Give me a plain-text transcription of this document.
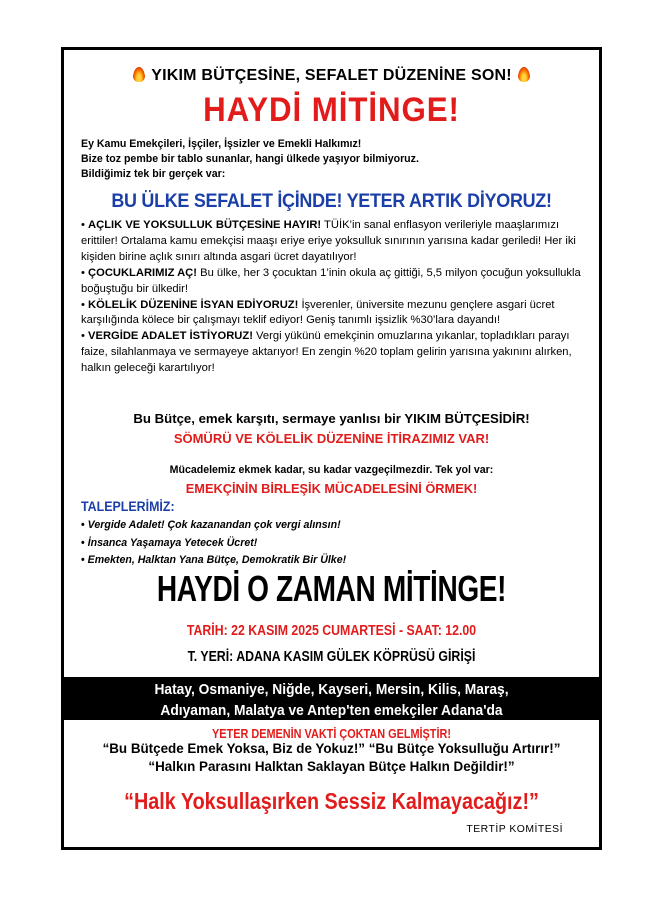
YIKIM BÜTÇESİNE, SEFALET DÜZENİNE SON!
HAYDİ MİTİNGE!
Ey Kamu Emekçileri, İşçiler, İşsizler ve Emekli Halkımız!
Bize toz pembe bir tablo sunanlar, hangi ülkede yaşıyor bilmiyoruz.
Bildiğimiz tek bir gerçek var:
BU ÜLKE SEFALET İÇİNDE! YETER ARTIK DİYORUZ!

• AÇLIK VE YOKSULLUK BÜTÇESİNE HAYIR! TÜİK’in sanal enflasyon verileriyle maaşlarımızı erittiler! Ortalama kamu emekçisi maaşı eriye eriye yoksulluk sınırının yarısına kadar geriledi! Her iki kişiden birine açlık sınırı altında asgari ücret dayatılıyor!

• ÇOCUKLARIMIZ AÇ! Bu ülke, her 3 çocuktan 1’inin okula aç gittiği, 5,5 milyon çocuğun yoksullukla boğuştuğu bir ülkedir!

• KÖLELİK DÜZENİNE İSYAN EDİYORUZ! İşverenler, üniversite mezunu gençlere asgari ücret karşılığında kölece bir çalışmayı teklif ediyor! Geniş tanımlı işsizlik %30’lara dayandı!

• VERGİDE ADALET İSTİYORUZ! Vergi yükünü emekçinin omuzlarına yıkanlar, topladıkları parayı faize, silahlanmaya ve sermayeye aktarıyor! En zengin %20 toplam gelirin yarısına yakınını alırken, halkın geleceği karartılıyor!

Bu Bütçe, emek karşıtı, sermaye yanlısı bir YIKIM BÜTÇESİDİR!
SÖMÜRÜ VE KÖLELİK DÜZENİNE İTİRAZIMIZ VAR!
Mücadelemiz ekmek kadar, su kadar vazgeçilmezdir. Tek yol var:
EMEKÇİNİN BİRLEŞİK MÜCADELESİNİ ÖRMEK!
TALEPLERİMİZ:
• Vergide Adalet! Çok kazanandan çok vergi alınsın!
• İnsanca Yaşamaya Yetecek Ücret!
• Emekten, Halktan Yana Bütçe, Demokratik Bir Ülke!
HAYDİ O ZAMAN MİTİNGE!
TARİH: 22 KASIM 2025 CUMARTESİ - SAAT: 12.00
T. YERİ: ADANA KASIM GÜLEK KÖPRÜSÜ GİRİŞİ
Hatay, Osmaniye, Niğde, Kayseri, Mersin, Kilis, Maraş,
Adıyaman, Malatya ve Antep'ten emekçiler Adana'da
YETER DEMENİN VAKTİ ÇOKTAN GELMİŞTİR!
“Bu Bütçede Emek Yoksa, Biz de Yokuz!” “Bu Bütçe Yoksulluğu Artırır!”
“Halkın Parasını Halktan Saklayan Bütçe Halkın Değildir!”
“Halk Yoksullaşırken Sessiz Kalmayacağız!”
TERTİP KOMİTESİ
